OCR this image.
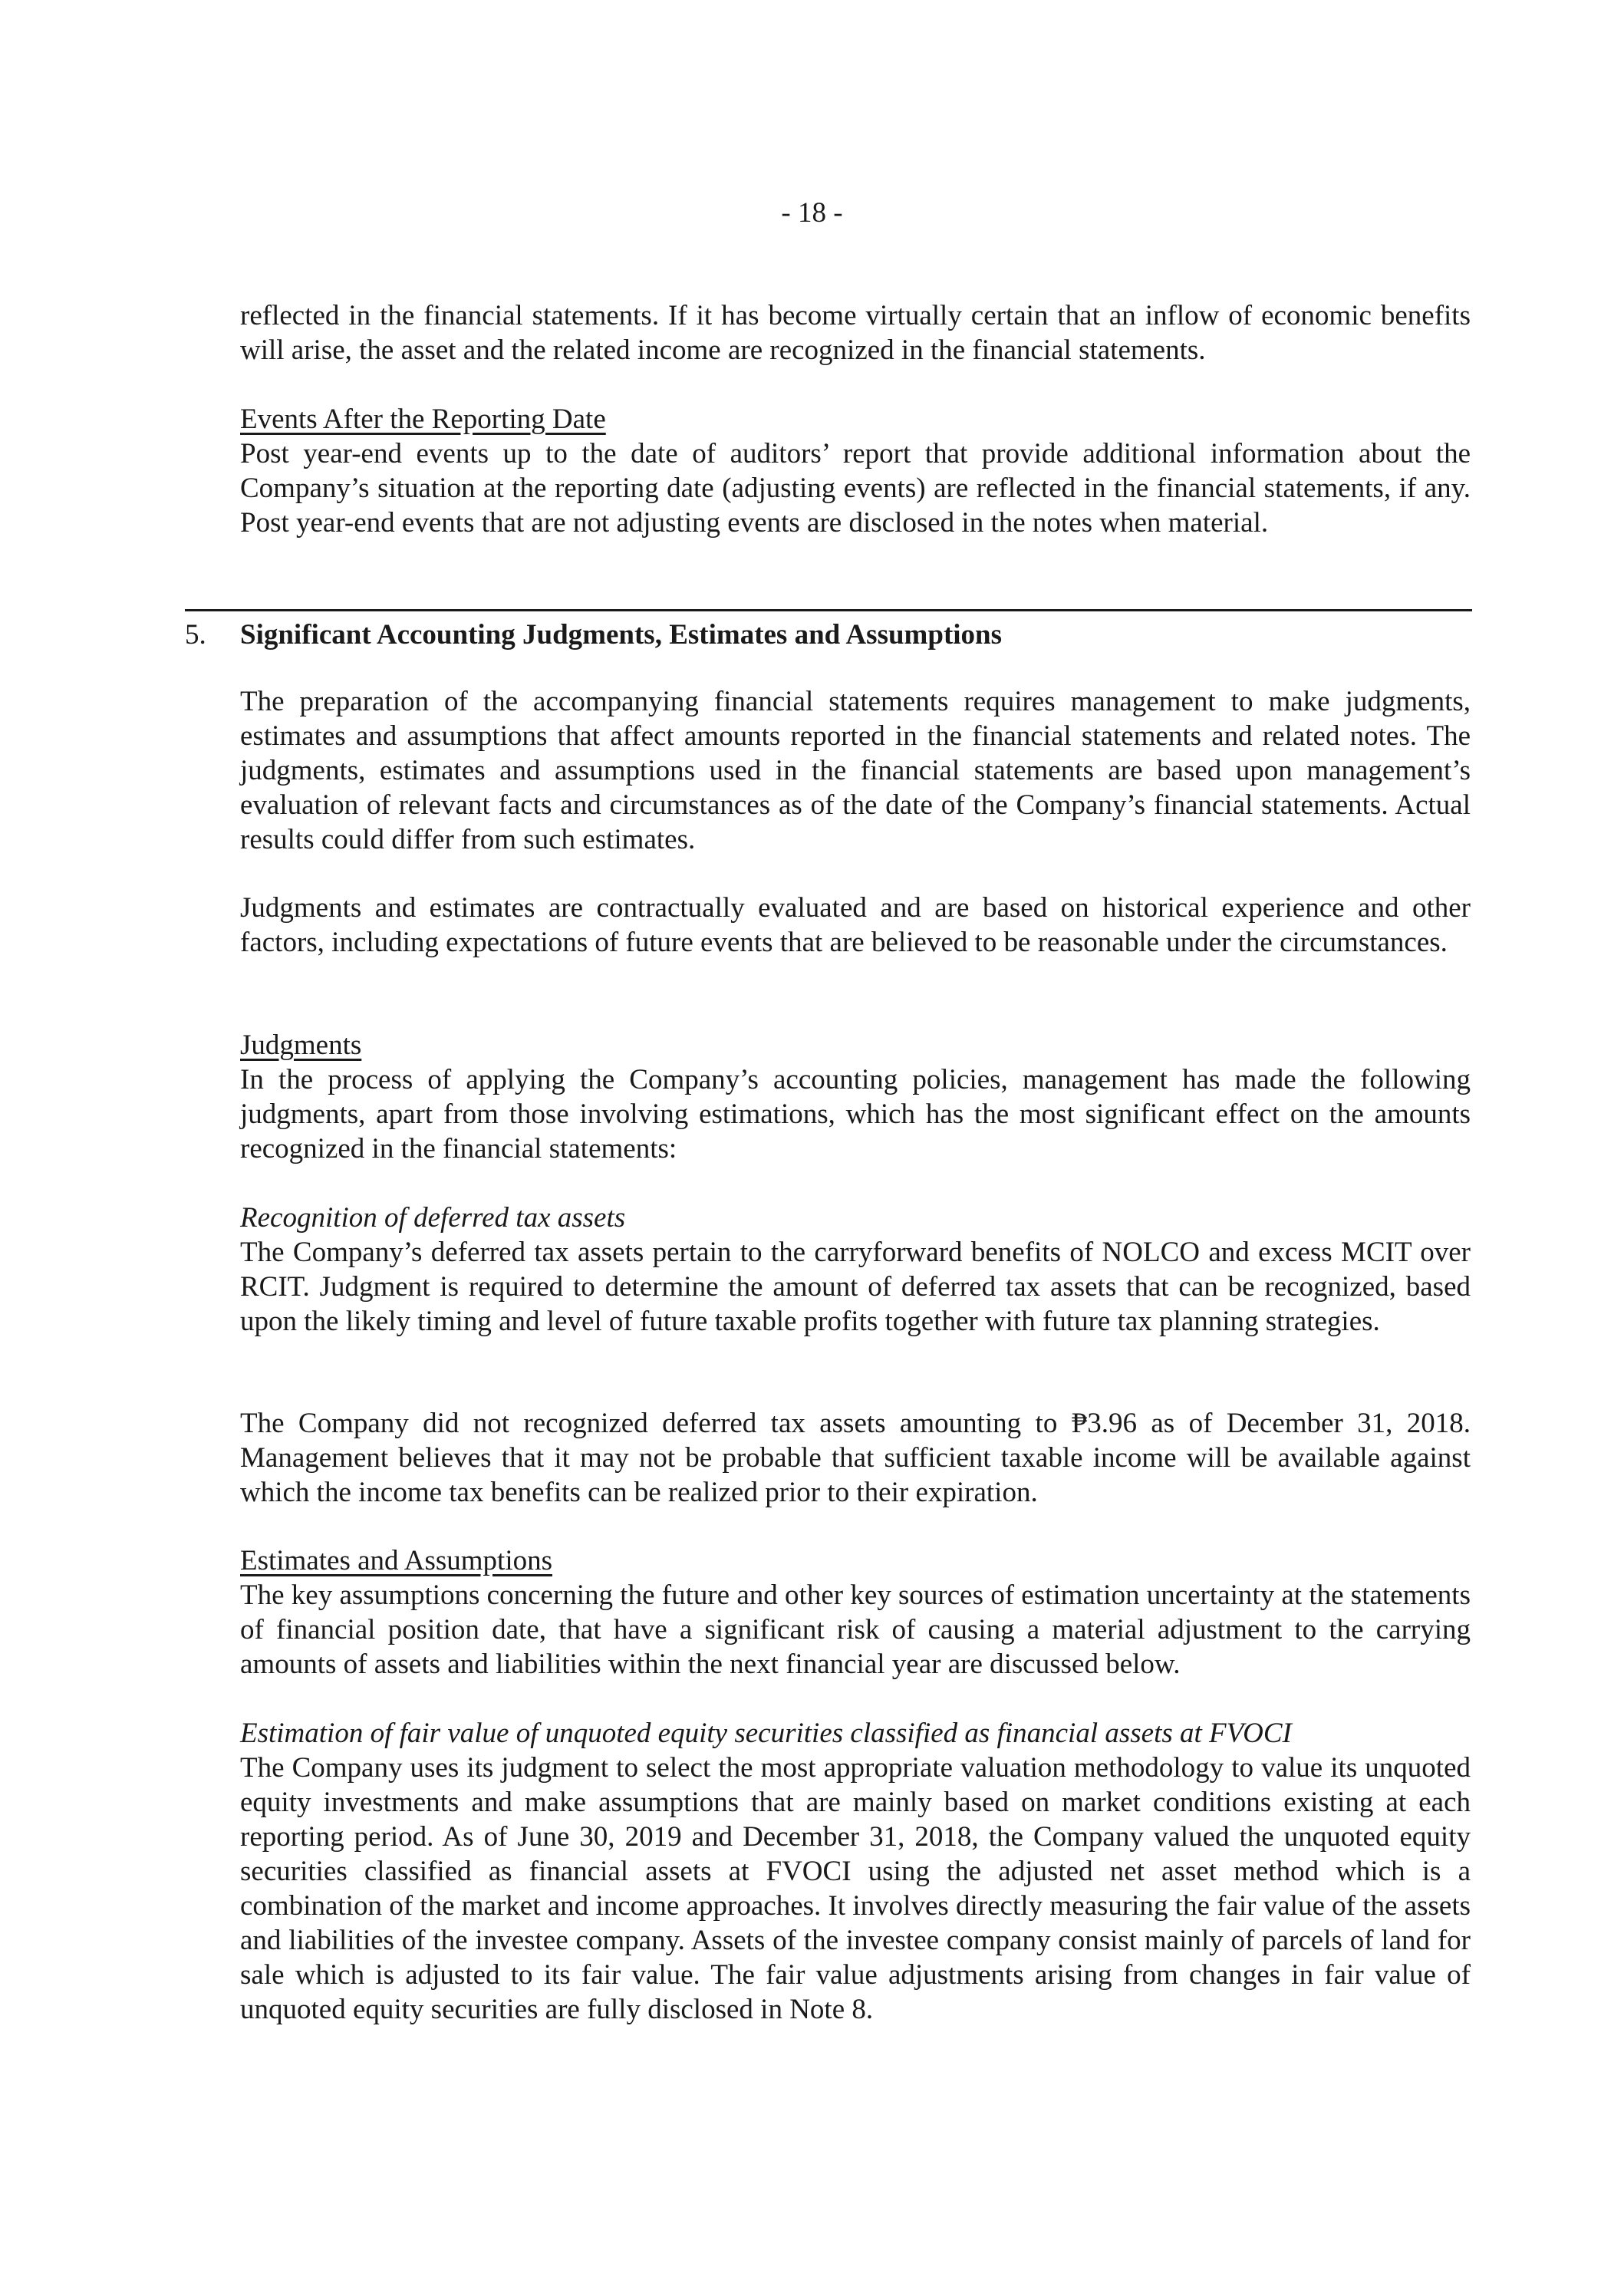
- 18 -

reflected in the financial statements. If it has become virtually certain that an inflow of economic benefits will arise, the asset and the related income are recognized in the financial statements.

Events After the Reporting Date

Post year-end events up to the date of auditors’ report that provide additional information about the Company’s situation at the reporting date (adjusting events) are reflected in the financial statements, if any. Post year-end events that are not adjusting events are disclosed in the notes when material.

5. Significant Accounting Judgments, Estimates and Assumptions

The preparation of the accompanying financial statements requires management to make judgments, estimates and assumptions that affect amounts reported in the financial statements and related notes. The judgments, estimates and assumptions used in the financial statements are based upon management’s evaluation of relevant facts and circumstances as of the date of the Company’s financial statements. Actual results could differ from such estimates.

Judgments and estimates are contractually evaluated and are based on historical experience and other factors, including expectations of future events that are believed to be reasonable under the circumstances.

Judgments

In the process of applying the Company’s accounting policies, management has made the following judgments, apart from those involving estimations, which has the most significant effect on the amounts recognized in the financial statements:

Recognition of deferred tax assets

The Company’s deferred tax assets pertain to the carryforward benefits of NOLCO and excess MCIT over RCIT. Judgment is required to determine the amount of deferred tax assets that can be recognized, based upon the likely timing and level of future taxable profits together with future tax planning strategies.

The Company did not recognized deferred tax assets amounting to ₱3.96 as of December 31, 2018. Management believes that it may not be probable that sufficient taxable income will be available against which the income tax benefits can be realized prior to their expiration.

Estimates and Assumptions

The key assumptions concerning the future and other key sources of estimation uncertainty at the statements of financial position date, that have a significant risk of causing a material adjustment to the carrying amounts of assets and liabilities within the next financial year are discussed below.

Estimation of fair value of unquoted equity securities classified as financial assets at FVOCI

The Company uses its judgment to select the most appropriate valuation methodology to value its unquoted equity investments and make assumptions that are mainly based on market conditions existing at each reporting period. As of June 30, 2019 and December 31, 2018, the Company valued the unquoted equity securities classified as financial assets at FVOCI using the adjusted net asset method which is a combination of the market and income approaches. It involves directly measuring the fair value of the assets and liabilities of the investee company. Assets of the investee company consist mainly of parcels of land for sale which is adjusted to its fair value. The fair value adjustments arising from changes in fair value of unquoted equity securities are fully disclosed in Note 8.
